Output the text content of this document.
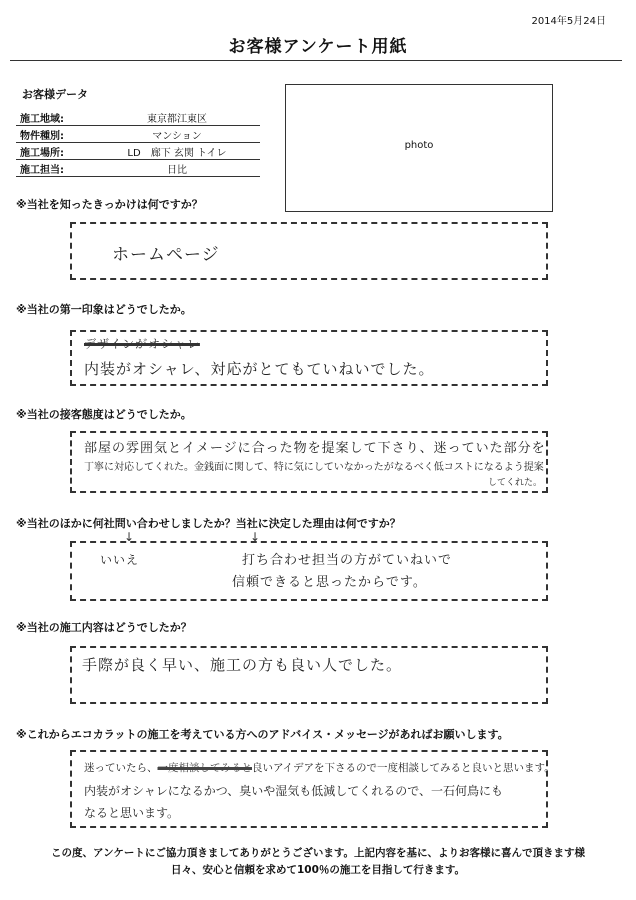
2014年5月24日
お客様アンケート用紙
お客様データ
施工地域:	東京都江東区
物件種別:	マンション
施工場所:	LD　廊下 玄関 トイレ
施工担当:	日比
photo
※当社を知ったきっかけは何ですか？
ホームページ
※当社の第一印象はどうでしたか。
デザインがオシャレ
内装がオシャレ、対応がとてもていねいでした。
※当社の接客態度はどうでしたか。
部屋の雰囲気とイメージに合った物を提案して下さり、迷っていた部分を
丁寧に対応してくれた。金銭面に関して、特に気にしていなかったがなるべく低コストになるよう提案
してくれた。
※当社のほかに何社問い合わせしましたか？当社に決定した理由は何ですか？
↓	↓
いいえ	打ち合わせ担当の方がていねいで
信頼できると思ったからです。
※当社の施工内容はどうでしたか？
手際が良く早い、施工の方も良い人でした。
※これからエコカラットの施工を考えている方へのアドバイス・メッセージがあればお願いします。
迷っていたら、一度相談してみると良いアイデアを下さるので一度相談してみると良いと思います。
内装がオシャレになるかつ、臭いや湿気も低減してくれるので、一石何鳥にも
なると思います。
この度、アンケートにご協力頂きましてありがとうございます。上記内容を基に、よりお客様に喜んで頂きます様
日々、安心と信頼を求めて100％の施工を目指して行きます。
